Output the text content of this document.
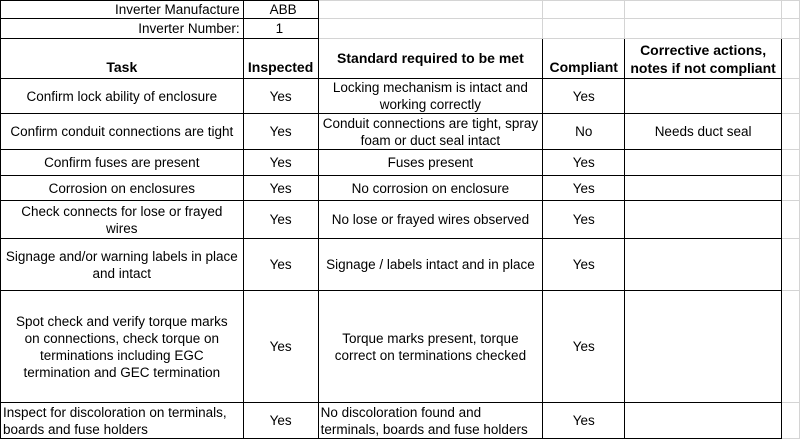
Inverter Manufacture	ABB				
Inverter Number:	1				
Task	Inspected	Standard required to be met	Compliant	Corrective actions, notes if not compliant	
Confirm lock ability of enclosure	Yes	Locking mechanism is intact and working correctly	Yes		
Confirm conduit connections are tight	Yes	Conduit connections are tight, spray foam or duct seal intact	No	Needs duct seal	
Confirm fuses are present	Yes	Fuses present	Yes		
Corrosion on enclosures	Yes	No corrosion on enclosure	Yes		
Check connects for lose or frayed wires	Yes	No lose or frayed wires observed	Yes		
Signage and/or warning labels in place and intact	Yes	Signage / labels intact and in place	Yes		
Spot check and verify torque marks on connections, check torque on terminations including EGC termination and GEC termination	Yes	Torque marks present, torque correct on terminations checked	Yes		
Inspect for discoloration on terminals, boards and fuse holders	Yes	No discoloration found and terminals, boards and fuse holders	Yes		
